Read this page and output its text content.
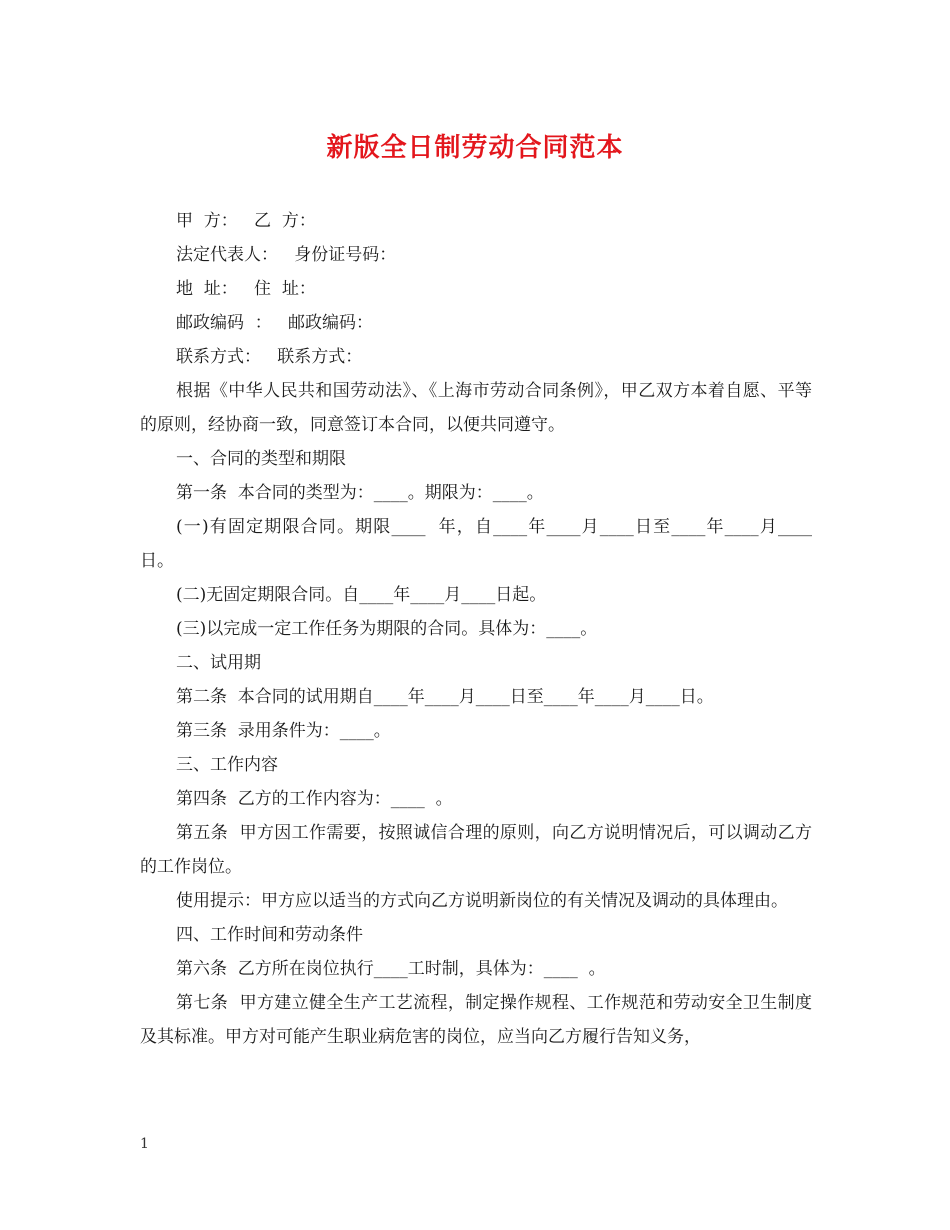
新版全日制劳动合同范本

甲  方：   乙  方：

法定代表人：   身份证号码：

地  址：   住  址：

邮政编码  ：   邮政编码：

联系方式：   联系方式：

根据《中华人民共和国劳动法》、《上海市劳动合同条例》，甲乙双方本着自愿、平等的原则，经协商一致，同意签订本合同，以便共同遵守。

一、合同的类型和期限

第一条  本合同的类型为：____。期限为：____。

(一)有固定期限合同。期限____  年，自____年____月____日至____年____月____日。

(二)无固定期限合同。自____年____月____日起。

(三)以完成一定工作任务为期限的合同。具体为：____。

二、试用期

第二条  本合同的试用期自____年____月____日至____年____月____日。

第三条  录用条件为：____。

三、工作内容

第四条  乙方的工作内容为：____  。

第五条  甲方因工作需要，按照诚信合理的原则，向乙方说明情况后，可以调动乙方的工作岗位。

使用提示：甲方应以适当的方式向乙方说明新岗位的有关情况及调动的具体理由。

四、工作时间和劳动条件

第六条  乙方所在岗位执行____工时制，具体为：____  。

第七条  甲方建立健全生产工艺流程，制定操作规程、工作规范和劳动安全卫生制度及其标准。甲方对可能产生职业病危害的岗位，应当向乙方履行告知义务，

1
